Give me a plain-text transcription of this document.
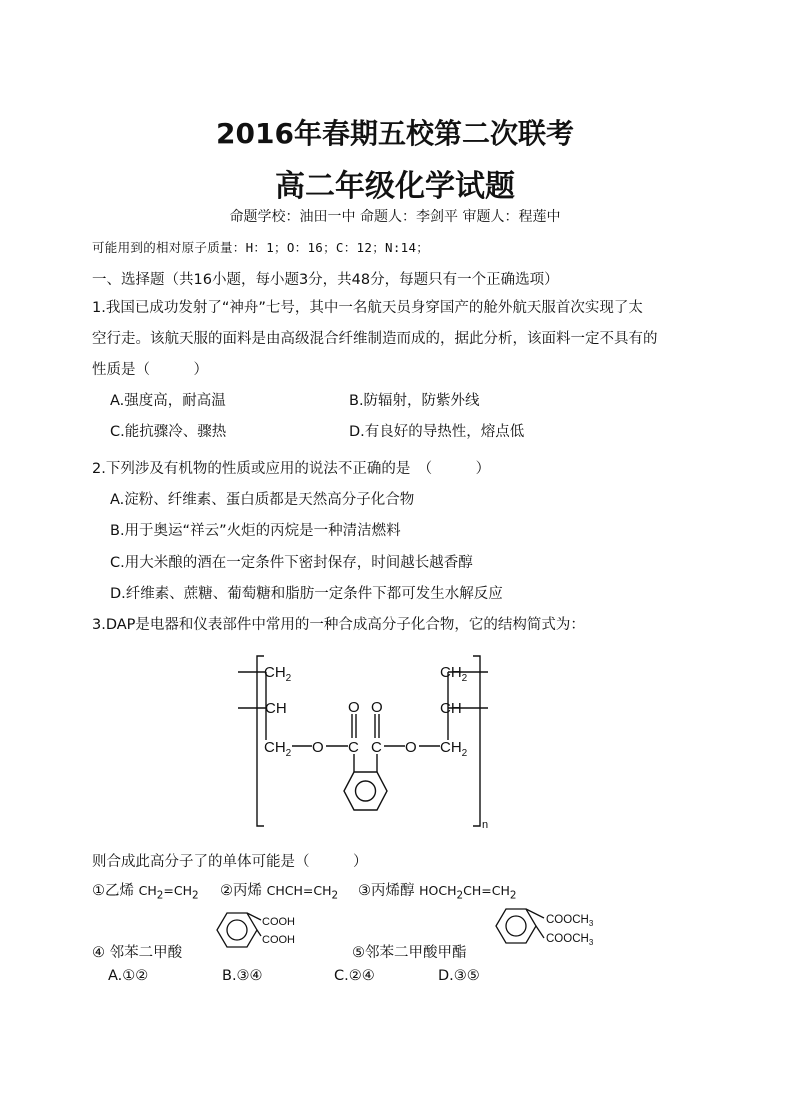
2016年春期五校第二次联考
高二年级化学试题
命题学校：油田一中 命题人：李剑平 审题人：程莲中
可能用到的相对原子质量：H：1；O：16；C：12；N:14；
一、选择题（共16小题，每小题3分，共48分，每题只有一个正确选项）
1.我国已成功发射了“神舟”七号，其中一名航天员身穿国产的舱外航天服首次实现了太
空行走。该航天服的面料是由高级混合纤维制造而成的，据此分析，该面料一定不具有的
性质是（　　　）
A.强度高，耐高温	B.防辐射，防紫外线
C.能抗骤冷、骤热	D.有良好的导热性，熔点低
2.下列涉及有机物的性质或应用的说法不正确的是　（　　　）
A.淀粉、纤维素、蛋白质都是天然高分子化合物
B.用于奥运“祥云”火炬的丙烷是一种清洁燃料
C.用大米酿的酒在一定条件下密封保存，时间越长越香醇
D.纤维素、蔗糖、葡萄糖和脂肪一定条件下都可发生水解反应
3.DAP是电器和仪表部件中常用的一种合成高分子化合物，它的结构简式为：
$CH_2$
CH
$CH_2$ O C
O
C
O
O $CH_2$
CH
$CH_2$
n
则合成此高分子了的单体可能是（　　　）
①乙烯 $CH_2=CH_2$ ②丙烯 $CHCH=CH_2$ ③丙烯醇 $HOCH_2CH=CH_2$
COOH
COOH
$COOCH_3$
$COOCH_3$
④ 邻苯二甲酸	⑤邻苯二甲酸甲酯
A.①②	B.③④	C.②④	D.③⑤
